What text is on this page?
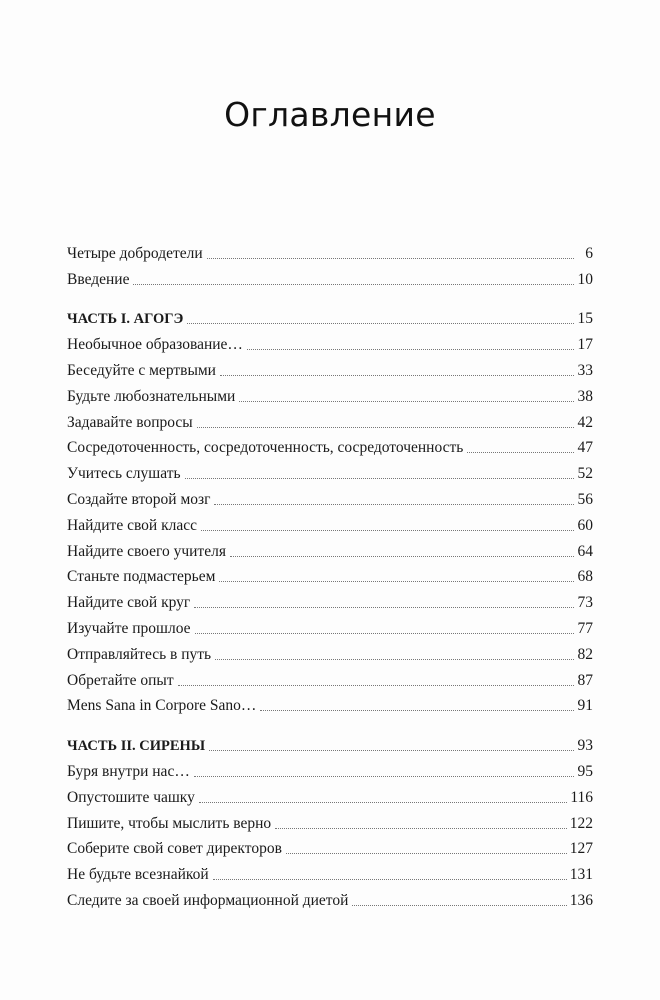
Оглавление
Четыре добродетели	6
Введение	10
ЧАСТЬ I. АГОГЭ	15
Необычное образование…	17
Беседуйте с мертвыми	33
Будьте любознательными	38
Задавайте вопросы	42
Сосредоточенность, сосредоточенность, сосредоточенность	47
Учитесь слушать	52
Создайте второй мозг	56
Найдите свой класс	60
Найдите своего учителя	64
Станьте подмастерьем	68
Найдите свой круг	73
Изучайте прошлое	77
Отправляйтесь в путь	82
Обретайте опыт	87
Mens Sana in Corpore Sano…	91
ЧАСТЬ II. СИРЕНЫ	93
Буря внутри нас…	95
Опустошите чашку	116
Пишите, чтобы мыслить верно	122
Соберите свой совет директоров	127
Не будьте всезнайкой	131
Следите за своей информационной диетой	136
